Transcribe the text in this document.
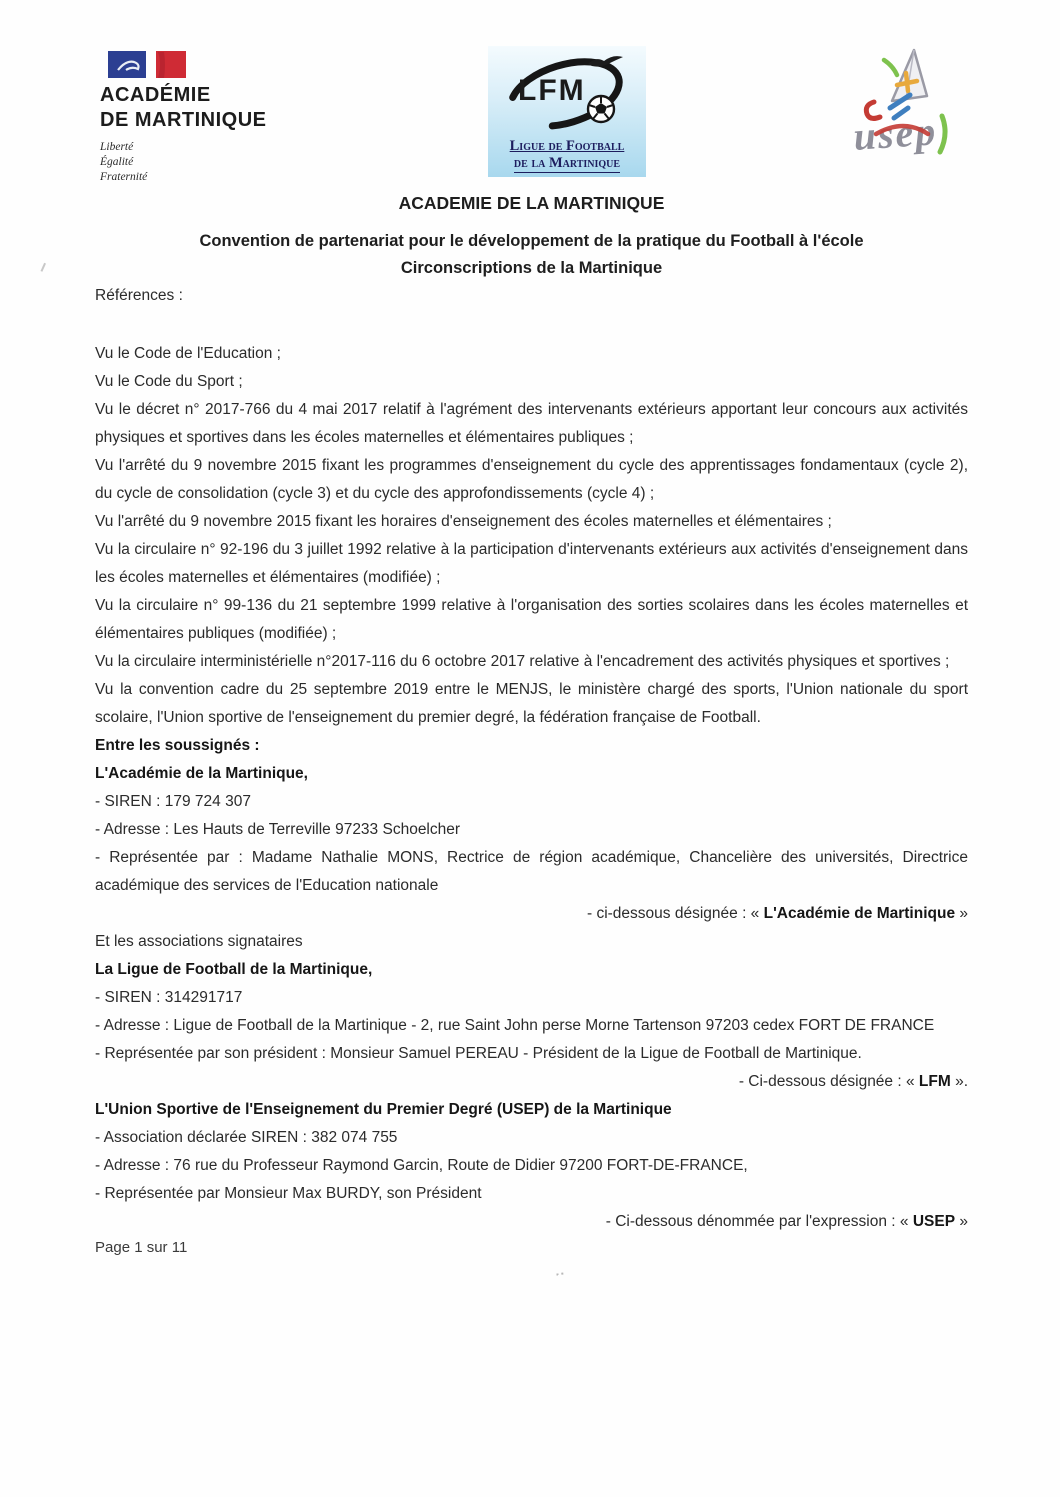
ACADÉMIE
DE MARTINIQUE
Liberté
Égalité
Fraternité
LFM
Ligue de Football
de la Martinique
usep
ACADEMIE DE LA MARTINIQUE
Convention de partenariat pour le développement de la pratique du Football à l'école
Circonscriptions de la Martinique

Références :

Vu le Code de l'Education ;

Vu le Code du Sport ;

Vu le décret n° 2017-766 du 4 mai 2017 relatif à l'agrément des intervenants extérieurs apportant leur concours aux activités physiques et sportives dans les écoles maternelles et élémentaires publiques ;

Vu l'arrêté du 9 novembre 2015 fixant les programmes d'enseignement du cycle des apprentissages fondamentaux (cycle 2), du cycle de consolidation (cycle 3) et du cycle des approfondissements (cycle 4) ;

Vu l'arrêté du 9 novembre 2015 fixant les horaires d'enseignement des écoles maternelles et élémentaires ;

Vu la circulaire n° 92-196 du 3 juillet 1992 relative à la participation d'intervenants extérieurs aux activités d'enseignement dans les écoles maternelles et élémentaires (modifiée) ;

Vu la circulaire n° 99-136 du 21 septembre 1999 relative à l'organisation des sorties scolaires dans les écoles maternelles et élémentaires publiques (modifiée) ;

Vu la circulaire interministérielle n°2017-116 du 6 octobre 2017 relative à l'encadrement des activités physiques et sportives ;

Vu la convention cadre du 25 septembre 2019 entre le MENJS, le ministère chargé des sports, l'Union nationale du sport scolaire, l'Union sportive de l'enseignement du premier degré, la fédération française de Football.

Entre les soussignés :

L'Académie de la Martinique,

- SIREN : 179 724 307

- Adresse : Les Hauts de Terreville 97233 Schoelcher

- Représentée par : Madame Nathalie MONS, Rectrice de région académique, Chancelière des universités, Directrice académique des services de l'Education nationale

- ci-dessous désignée : « L'Académie de Martinique »

Et les associations signataires

La Ligue de Football de la Martinique,

- SIREN : 314291717

- Adresse : Ligue de Football de la Martinique - 2, rue Saint John perse Morne Tartenson 97203 cedex FORT DE FRANCE

- Représentée par son président : Monsieur Samuel PEREAU - Président de la Ligue de Football de Martinique.

- Ci-dessous désignée : « LFM ».

L'Union Sportive de l'Enseignement du Premier Degré (USEP) de la Martinique

- Association déclarée SIREN : 382 074 755

- Adresse : 76 rue du Professeur Raymond Garcin, Route de Didier 97200 FORT-DE-FRANCE,

- Représentée par Monsieur Max BURDY, son Président

- Ci-dessous dénommée par l'expression : « USEP »

Page 1 sur 11
